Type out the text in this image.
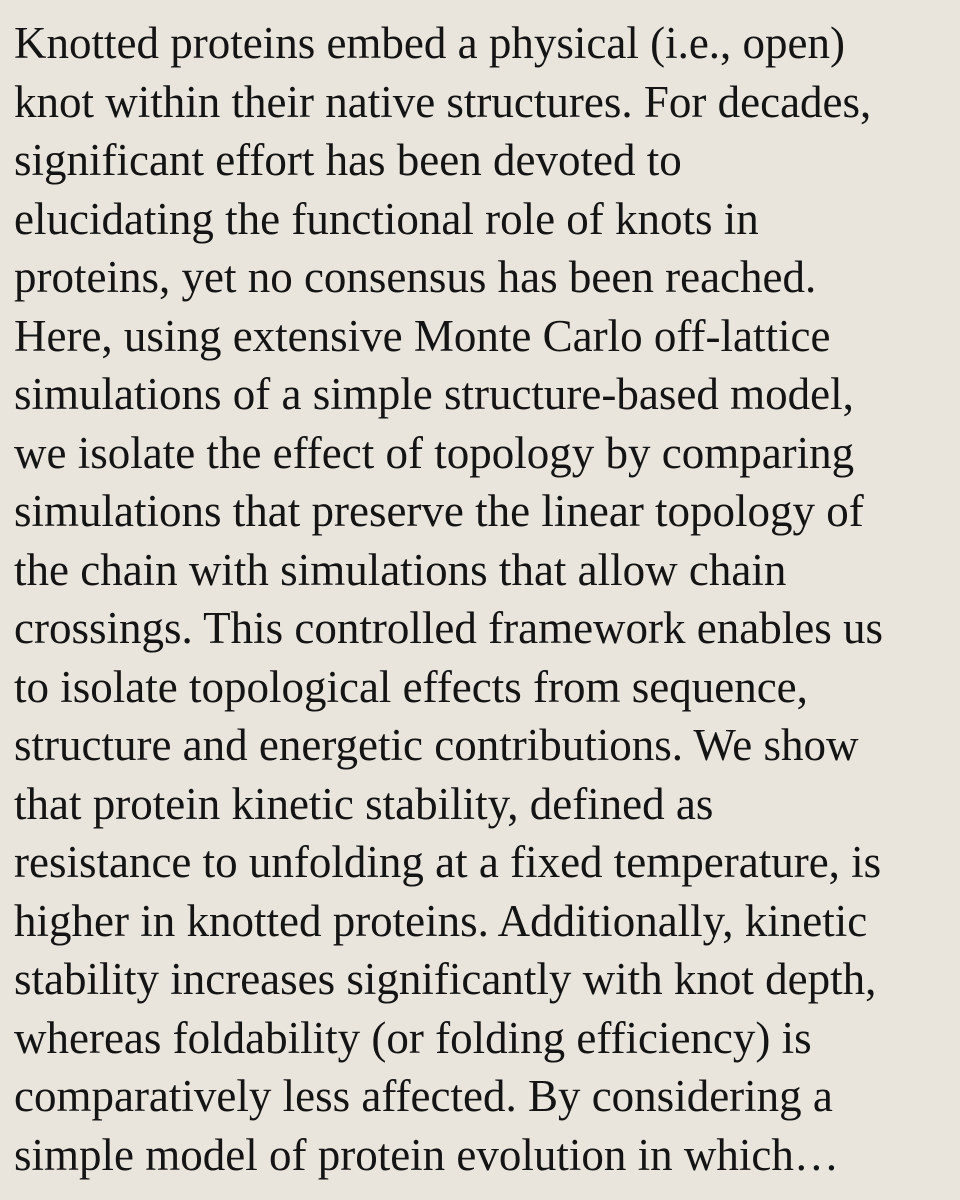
Knotted proteins embed a physical (i.e., open)
knot within their native structures. For decades,
significant effort has been devoted to
elucidating the functional role of knots in
proteins, yet no consensus has been reached.
Here, using extensive Monte Carlo off-lattice
simulations of a simple structure-based model,
we isolate the effect of topology by comparing
simulations that preserve the linear topology of
the chain with simulations that allow chain
crossings. This controlled framework enables us
to isolate topological effects from sequence,
structure and energetic contributions. We show
that protein kinetic stability, defined as
resistance to unfolding at a fixed temperature, is
higher in knotted proteins. Additionally, kinetic
stability increases significantly with knot depth,
whereas foldability (or folding efficiency) is
comparatively less affected. By considering a
simple model of protein evolution in which…
